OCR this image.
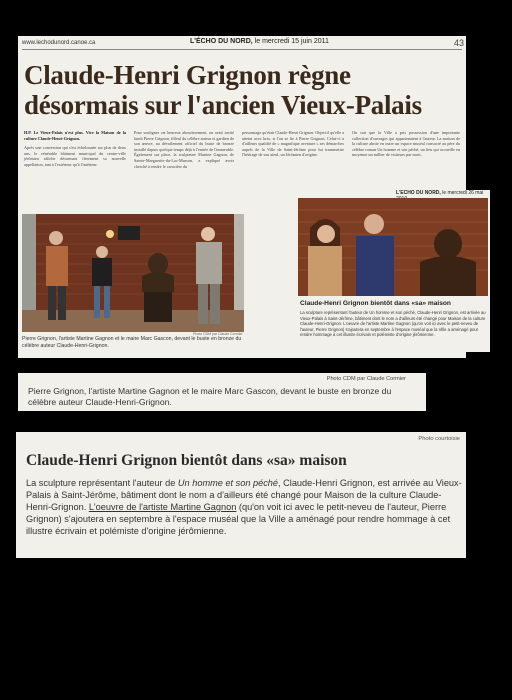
www.lechodunord.canoe.ca	L'ÉCHO DU NORD, le mercredi 15 juin 2011	43
Claude-Henri Grignon règne désormais sur l'ancien Vieux-Palais
H.P. Le Vieux-Palais n'est plus. Vive la Maison de la culture Claude-Henri-Grignon.
Après une conversion qui s'est échelonnée sur plus de deux ans, le vénérable bâtiment municipal du centre-ville jérômien affiche désormais fièrement sa nouvelle appellation, tant à l'extérieur qu'à l'intérieur.
Pour souligner cet heureux aboutissement, on avait invité lundi Pierre Grignon, filleul du célèbre auteur et gardien de son œuvre, au dévoilement officiel du buste de bronze installé depuis quelque temps déjà à l'entrée de l'immeuble. Également sur place, la sculpteure Martine Gagnon, de Sainte-Marguerite-du-Lac-Masson, a expliqué avoir cherché à rendre le caractère du
personnage qu'était Claude-Henri Grignon. Objectif qu'elle a atteint avec brio, si l'on se fie à Pierre Grignon. Celui-ci a d'ailleurs qualifié de « magnifique aventure » ses démarches auprès de la Ville de Saint-Jérôme pour lui transmettre l'héritage de son aïeul, un Jérômien d'origine.
On sait que la Ville a pris possession d'une importante collection d'ouvrages qui appartenaient à l'auteur. La maison de la culture abrite en outre un espace muséal consacré au père du célèbre roman Un homme et son péché, un lieu qui accueille en moyenne un millier de visiteurs par mois.
Photo CDM par Claude Cormier
Pierre Grignon, l'artiste Martine Gagnon et le maire Marc Gascon, devant le buste en bronze du célèbre auteur Claude-Henri-Grignon.
L'ÉCHO DU NORD, le mercredi 26 mai
Claude-Henri Grignon bientôt dans «sa» maison
La sculpture représentant l'auteur de Un homme et son péché, Claude-Henri Grignon, est arrivée au Vieux-Palais à Saint-Jérôme, bâtiment dont le nom a d'ailleurs été changé pour Maison de la culture Claude-Henri-Grignon. L'oeuvre de l'artiste Martine Gagnon (qu'on voit ici avec le petit-neveu de l'auteur, Pierre Grignon) s'ajoutera en septembre à l'espace muséal que la Ville a aménagé pour rendre hommage à cet illustre écrivain et polémiste d'origine jérômienne.
Photo CDM par Claude Cormier
Pierre Grignon, l'artiste Martine Gagnon et le maire Marc Gascon, devant le buste en bronze du célèbre auteur Claude-Henri-Grignon.
Photo courtoisie
Claude-Henri Grignon bientôt dans «sa» maison
La sculpture représentant l'auteur de Un homme et son péché, Claude-Henri Grignon, est arrivée au Vieux-Palais à Saint-Jérôme, bâtiment dont le nom a d'ailleurs été changé pour Maison de la culture Claude-Henri-Grignon. L'oeuvre de l'artiste Martine Gagnon (qu'on voit ici avec le petit-neveu de l'auteur, Pierre Grignon) s'ajoutera en septembre à l'espace muséal que la Ville a aménagé pour rendre hommage à cet illustre écrivain et polémiste d'origine jérômienne.
